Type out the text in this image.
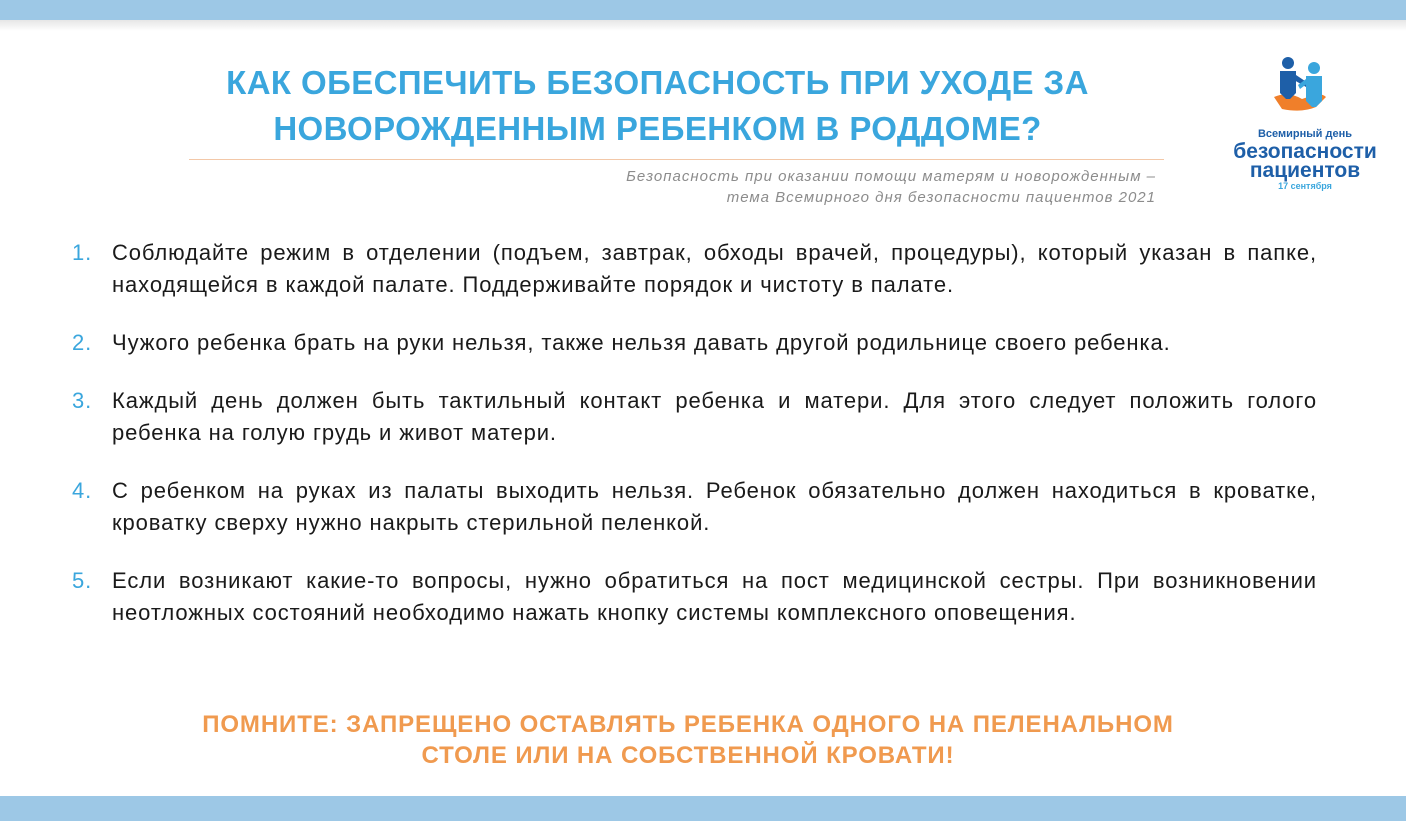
КАК ОБЕСПЕЧИТЬ БЕЗОПАСНОСТЬ ПРИ УХОДЕ ЗА
НОВОРОЖДЕННЫМ РЕБЕНКОМ В РОДДОМЕ?
Безопасность при оказании помощи матерям и новорожденным –
тема Всемирного дня безопасности пациентов 2021
Всемирный день
безопасности
пациентов
17 сентября
1. Соблюдайте режим в отделении (подъем, завтрак, обходы врачей, процедуры), который указан в папке, находящейся в каждой палате. Поддерживайте порядок и чистоту в палате.
2. Чужого ребенка брать на руки нельзя, также нельзя давать другой родильнице своего ребенка.
3. Каждый день должен быть тактильный контакт ребенка и матери. Для этого следует положить голого ребенка на голую грудь и живот матери.
4. С ребенком на руках из палаты выходить нельзя. Ребенок обязательно должен находиться в кроватке, кроватку сверху нужно накрыть стерильной пеленкой.
5. Если возникают какие-то вопросы, нужно обратиться на пост медицинской сестры. При возникновении неотложных состояний необходимо нажать кнопку системы комплексного оповещения.
ПОМНИТЕ: ЗАПРЕЩЕНО ОСТАВЛЯТЬ РЕБЕНКА ОДНОГО НА ПЕЛЕНАЛЬНОМ
СТОЛЕ ИЛИ НА СОБСТВЕННОЙ КРОВАТИ!
